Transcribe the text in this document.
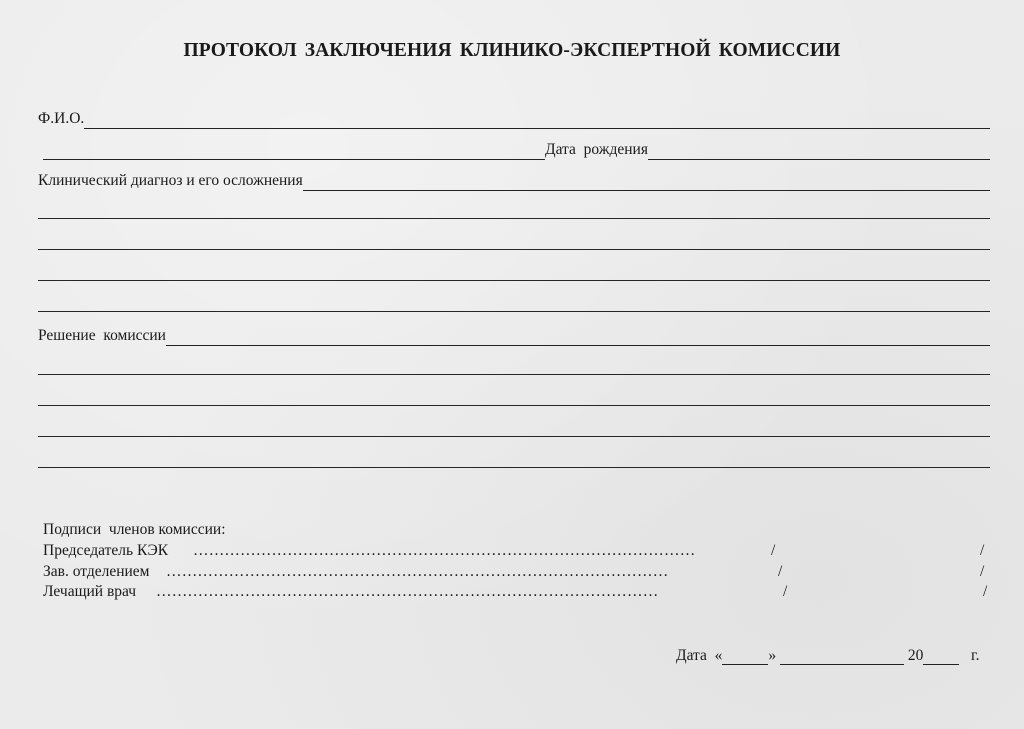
ПРОТОКОЛ ЗАКЛЮЧЕНИЯ КЛИНИКО-ЭКСПЕРТНОЙ КОМИССИИ
Ф.И.О.
Дата  рождения
Клинический диагноз и его осложнения
Решение  комиссии
Подписи  членов комиссии:
Председатель КЭК ……………………………………………………………………………………	/	/
Зав. отделением ……………………………………………………………………………………	/	/
Лечащий врач ……………………………………………………………………………………	/	/
Дата
«	»

	20
	г.
